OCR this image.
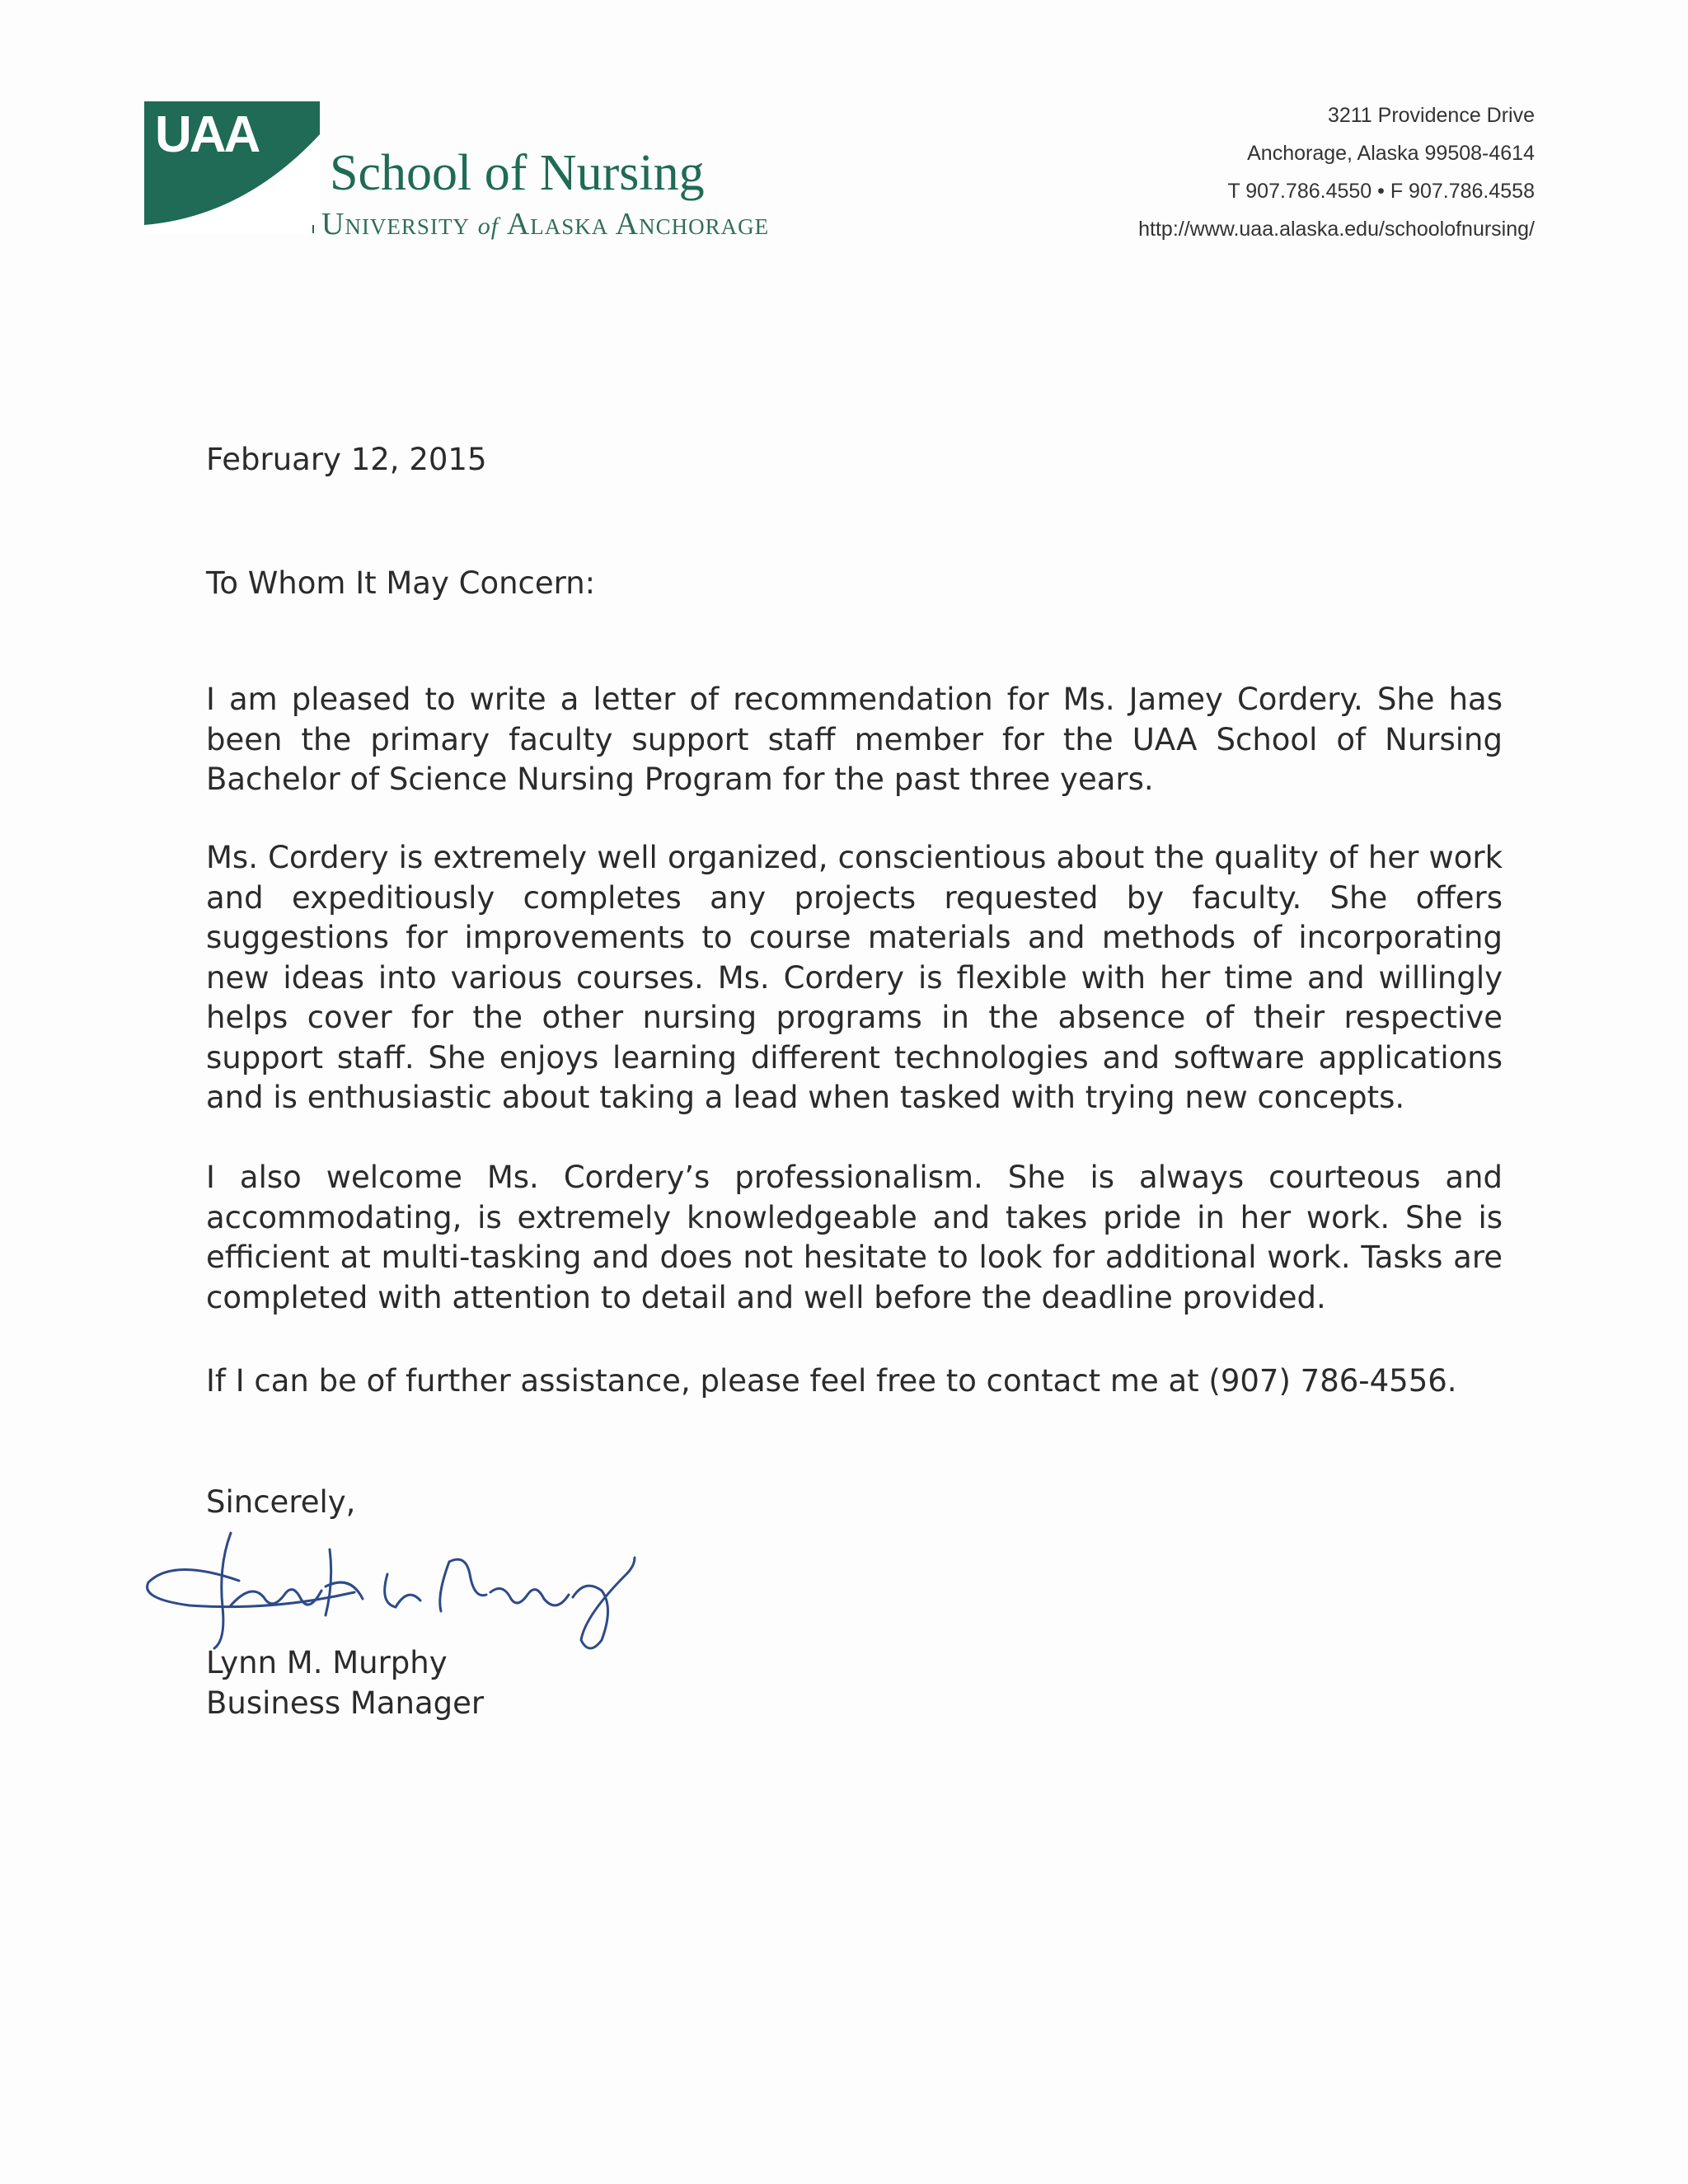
UAA
School of Nursing
University of Alaska Anchorage
3211 Providence Drive
Anchorage, Alaska 99508-4614
T 907.786.4550 • F 907.786.4558
http://www.uaa.alaska.edu/schoolofnursing/
February 12, 2015
To Whom It May Concern:
I am pleased to write a letter of recommendation for Ms. Jamey Cordery. She has been the primary faculty support staff member for the UAA School of Nursing Bachelor of Science Nursing Program for the past three years.
Ms. Cordery is extremely well organized, conscientious about the quality of her work and expeditiously completes any projects requested by faculty. She offers suggestions for improvements to course materials and methods of incorporating new ideas into various courses. Ms. Cordery is flexible with her time and willingly helps cover for the other nursing programs in the absence of their respective support staff. She enjoys learning different technologies and software applications and is enthusiastic about taking a lead when tasked with trying new concepts.
I also welcome Ms. Cordery’s professionalism. She is always courteous and accommodating, is extremely knowledgeable and takes pride in her work. She is efficient at multi-tasking and does not hesitate to look for additional work. Tasks are completed with attention to detail and well before the deadline provided.
If I can be of further assistance, please feel free to contact me at (907) 786-4556.
Sincerely,
Lynn M. Murphy
Business Manager
